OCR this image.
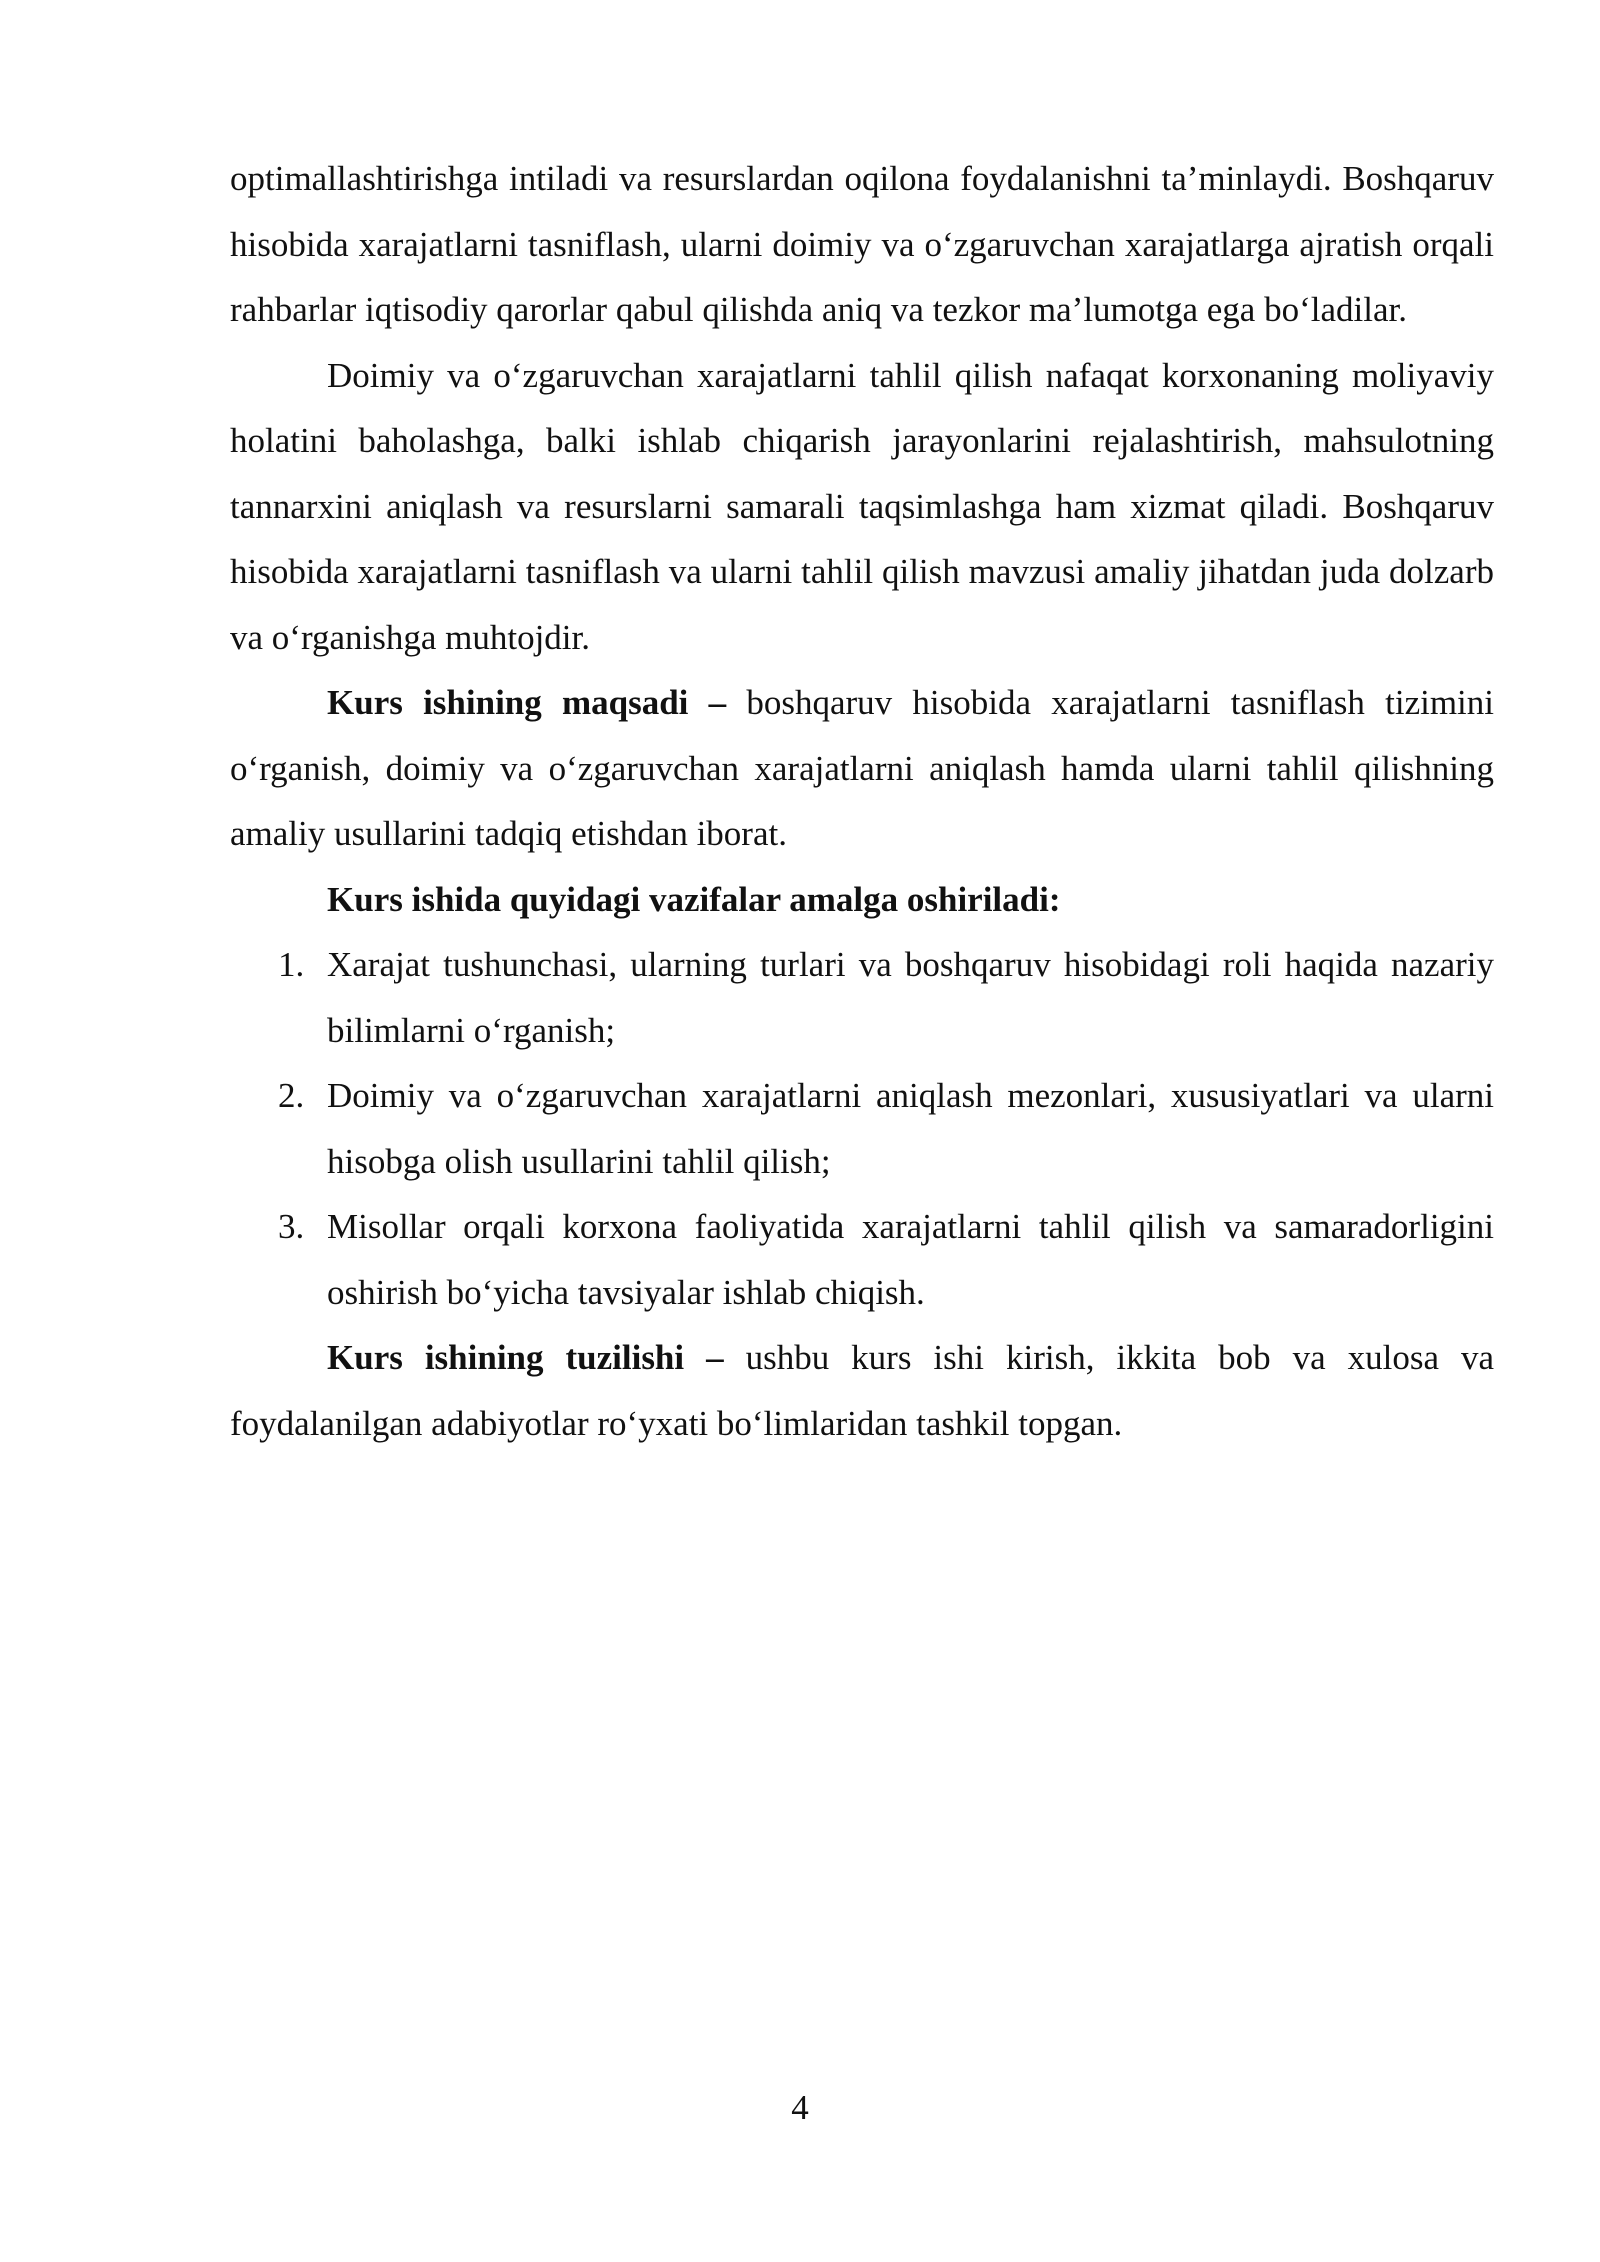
optimallashtirishga intiladi va resurslardan oqilona foydalanishni ta’minlaydi. Boshqaruv hisobida xarajatlarni tasniflash, ularni doimiy va o‘zgaruvchan xarajatlarga ajratish orqali rahbarlar iqtisodiy qarorlar qabul qilishda aniq va tezkor ma’lumotga ega bo‘ladilar.

Doimiy va o‘zgaruvchan xarajatlarni tahlil qilish nafaqat korxonaning moliyaviy holatini baholashga, balki ishlab chiqarish jarayonlarini rejalashtirish, mahsulotning tannarxini aniqlash va resurslarni samarali taqsimlashga ham xizmat qiladi. Boshqaruv hisobida xarajatlarni tasniflash va ularni tahlil qilish mavzusi amaliy jihatdan juda dolzarb va o‘rganishga muhtojdir.

Kurs ishining maqsadi – boshqaruv hisobida xarajatlarni tasniflash tizimini o‘rganish, doimiy va o‘zgaruvchan xarajatlarni aniqlash hamda ularni tahlil qilishning amaliy usullarini tadqiq etishdan iborat.

Kurs ishida quyidagi vazifalar amalga oshiriladi:

1. Xarajat tushunchasi, ularning turlari va boshqaruv hisobidagi roli haqida nazariy bilimlarni o‘rganish;
2. Doimiy va o‘zgaruvchan xarajatlarni aniqlash mezonlari, xususiyatlari va ularni hisobga olish usullarini tahlil qilish;
3. Misollar orqali korxona faoliyatida xarajatlarni tahlil qilish va samaradorligini oshirish bo‘yicha tavsiyalar ishlab chiqish.

Kurs ishining tuzilishi – ushbu kurs ishi kirish, ikkita bob va xulosa va foydalanilgan adabiyotlar ro‘yxati bo‘limlaridan tashkil topgan.

4
